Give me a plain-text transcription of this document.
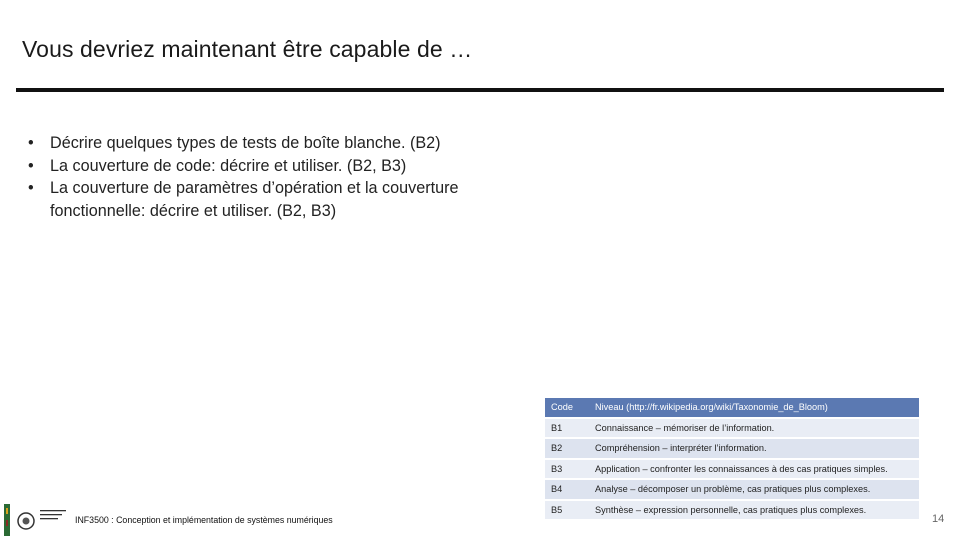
Vous devriez maintenant être capable de …
• Décrire quelques types de tests de boîte blanche. (B2)
• La couverture de code: décrire et utiliser. (B2, B3)
• La couverture de paramètres d’opération et la couverture fonctionnelle: décrire et utiliser. (B2, B3)
Code	Niveau (http://fr.wikipedia.org/wiki/Taxonomie_de_Bloom)
B1	Connaissance – mémoriser de l’information.
B2	Compréhension – interpréter l’information.
B3	Application – confronter les connaissances à des cas pratiques simples.
B4	Analyse – décomposer un problème, cas pratiques plus complexes.
B5	Synthèse – expression personnelle, cas pratiques plus complexes.
INF3500 : Conception et implémentation de systèmes numériques	14
